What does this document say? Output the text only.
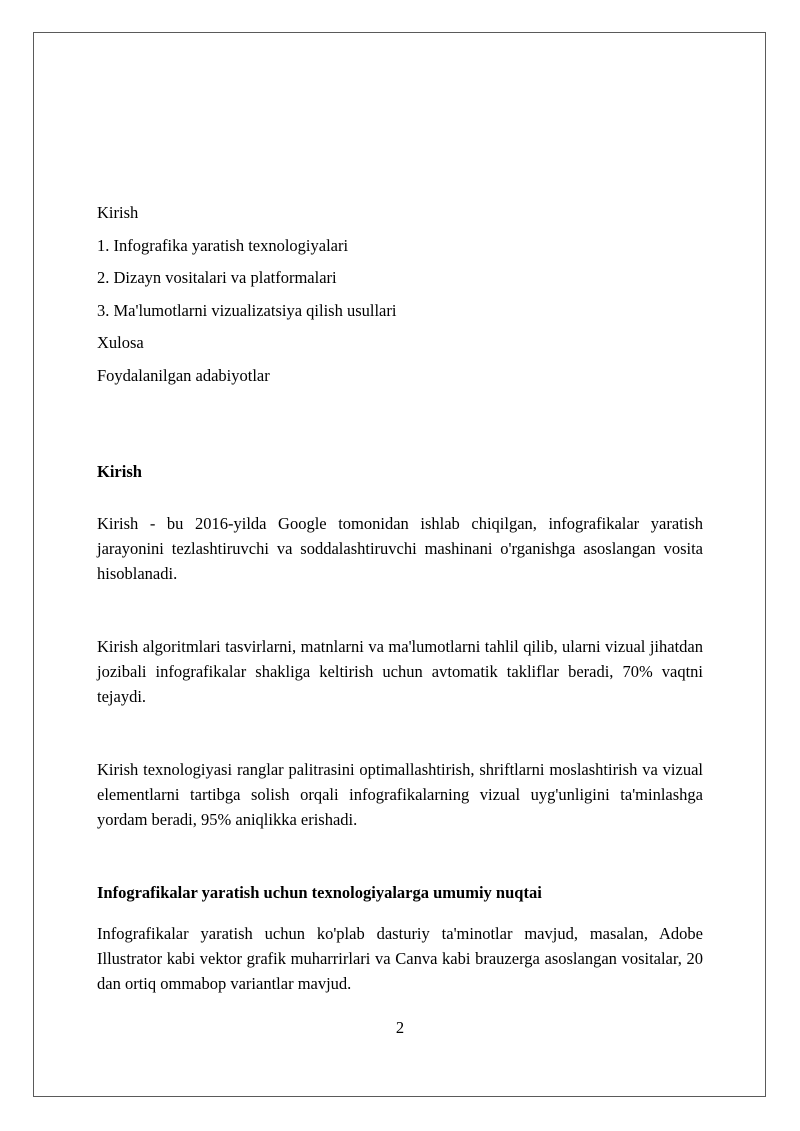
Kirish
1. Infografika yaratish texnologiyalari
2. Dizayn vositalari va platformalari
3. Ma'lumotlarni vizualizatsiya qilish usullari
Xulosa
Foydalanilgan adabiyotlar
Kirish
Kirish - bu 2016-yilda Google tomonidan ishlab chiqilgan, infografikalar yaratish jarayonini tezlashtiruvchi va soddalashtiruvchi mashinani o'rganishga asoslangan vosita hisoblanadi.
Kirish algoritmlari tasvirlarni, matnlarni va ma'lumotlarni tahlil qilib, ularni vizual jihatdan jozibali infografikalar shakliga keltirish uchun avtomatik takliflar beradi, 70% vaqtni tejaydi.
Kirish texnologiyasi ranglar palitrasini optimallashtirish, shriftlarni moslashtirish va vizual elementlarni tartibga solish orqali infografikalarning vizual uyg'unligini ta'minlashga yordam beradi, 95% aniqlikka erishadi.
Infografikalar yaratish uchun texnologiyalarga umumiy nuqtai
Infografikalar yaratish uchun ko'plab dasturiy ta'minotlar mavjud, masalan, Adobe Illustrator kabi vektor grafik muharrirlari va Canva kabi brauzerga asoslangan vositalar, 20 dan ortiq ommabop variantlar mavjud.
2
